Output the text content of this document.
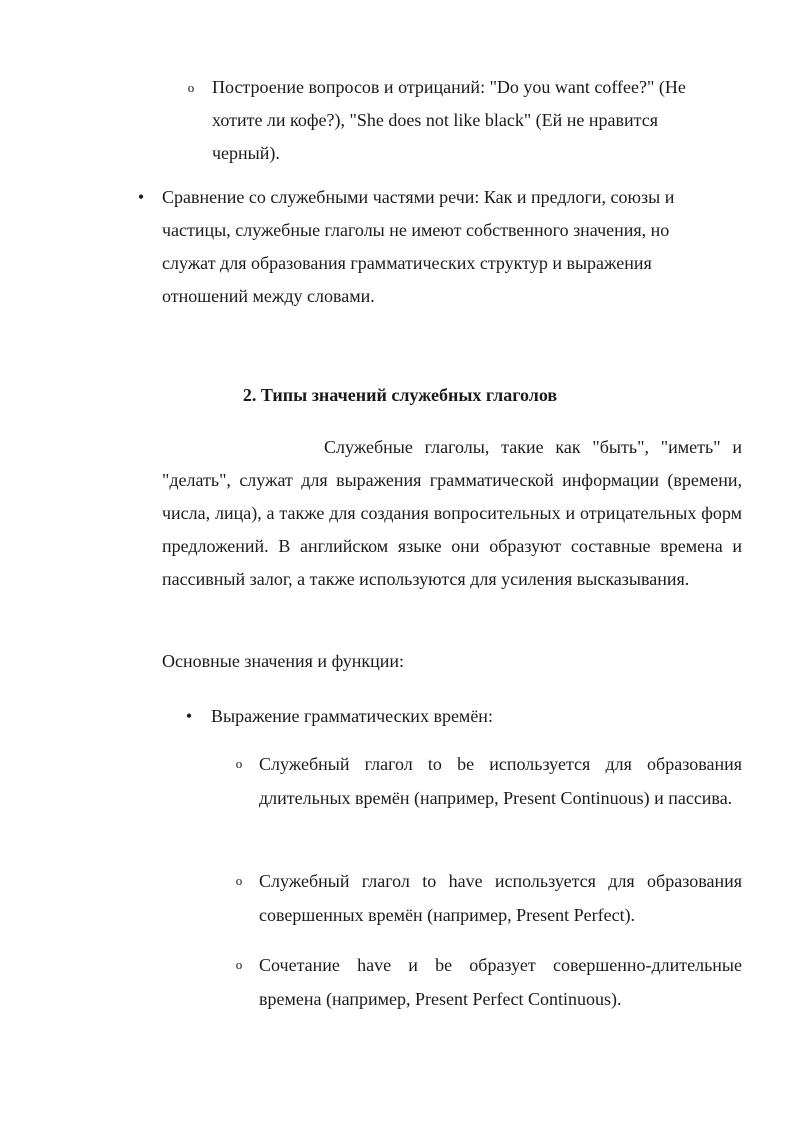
o Построение вопросов и отрицаний: "Do you want coffee?" (Не хотите ли кофе?), "She does not like black" (Ей не нравится черный).
• Сравнение со служебными частями речи: Как и предлоги, союзы и частицы, служебные глаголы не имеют собственного значения, но служат для образования грамматических структур и выражения отношений между словами.
2. Типы значений служебных глаголов
Служебные глаголы, такие как "быть", "иметь" и "делать", служат для выражения грамматической информации (времени, числа, лица), а также для создания вопросительных и отрицательных форм предложений. В английском языке они образуют составные времена и пассивный залог, а также используются для усиления высказывания.
Основные значения и функции:
• Выражение грамматических времён:
o Служебный глагол to be используется для образования длительных времён (например, Present Continuous) и пассива.
o Служебный глагол to have используется для образования совершенных времён (например, Present Perfect).
o Сочетание have и be образует совершенно-длительные времена (например, Present Perfect Continuous).
